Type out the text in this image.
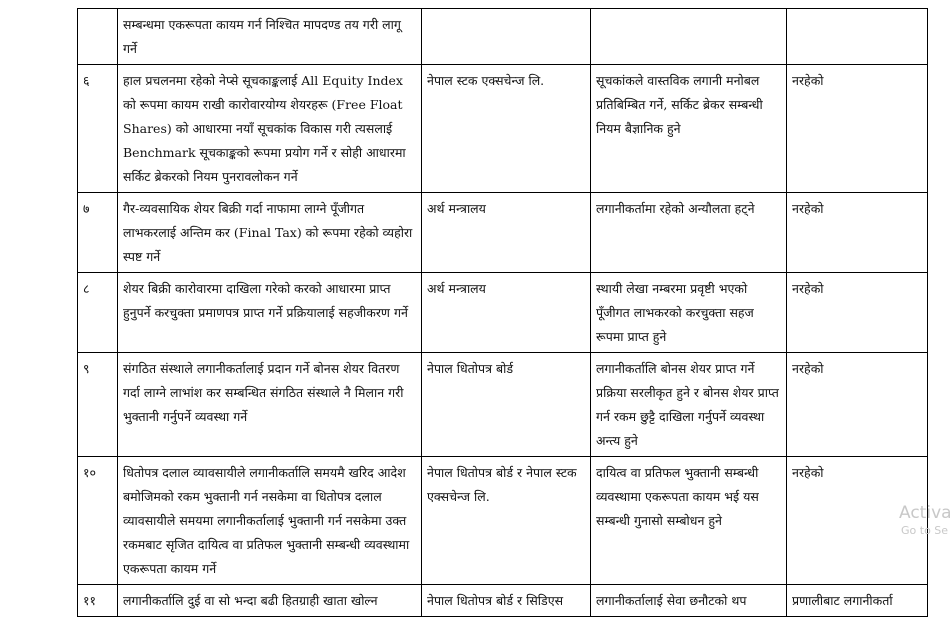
	सम्बन्धमा एकरूपता कायम गर्न निश्चित मापदण्ड तय गरी लागू गर्ने			
६	हाल प्रचलनमा रहेको नेप्से सूचकाङ्कलाई All Equity Index को रूपमा कायम राखी कारोवारयोग्य शेयरहरू (Free Float Shares) को आधारमा नयाँ सूचकांक विकास गरी त्यसलाई Benchmark सूचकाङ्कको रूपमा प्रयोग गर्ने र सोही आधारमा सर्किट ब्रेकरको नियम पुनरावलोकन गर्ने	नेपाल स्टक एक्सचेन्ज लि.	सूचकांकले वास्तविक लगानी मनोबल प्रतिबिम्बित गर्ने, सर्किट ब्रेकर सम्बन्धी नियम बैज्ञानिक हुने	नरहेको
७	गैर-व्यवसायिक शेयर बिक्री गर्दा नाफामा लाग्ने पूँजीगत लाभकरलाई अन्तिम कर (Final Tax) को रूपमा रहेको व्यहोरा स्पष्ट गर्ने	अर्थ मन्त्रालय	लगानीकर्तामा रहेको अन्यौलता हट्ने	नरहेको
८	शेयर बिक्री कारोवारमा दाखिला गरेको करको आधारमा प्राप्त हुनुपर्ने करचुक्ता प्रमाणपत्र प्राप्त गर्ने प्रक्रियालाई सहजीकरण गर्ने	अर्थ मन्त्रालय	स्थायी लेखा नम्बरमा प्रवृष्टी भएको पूँजीगत लाभकरको करचुक्ता सहज रूपमा प्राप्त हुने	नरहेको
९	संगठित संस्थाले लगानीकर्तालाई प्रदान गर्ने बोनस शेयर वितरण गर्दा लाग्ने लाभांश कर सम्बन्धित संगठित संस्थाले नै मिलान गरी भुक्तानी गर्नुपर्ने व्यवस्था गर्ने	नेपाल धितोपत्र बोर्ड	लगानीकर्तालि बोनस शेयर प्राप्त गर्ने प्रक्रिया सरलीकृत हुने र बोनस शेयर प्राप्त गर्न रकम छुट्टै दाखिला गर्नुपर्ने व्यवस्था अन्त्य हुने	नरहेको
१०	धितोपत्र दलाल व्यावसायीले लगानीकर्तालि समयमै खरिद आदेश बमोजिमको रकम भुक्तानी गर्न नसकेमा वा धितोपत्र दलाल व्यावसायीले समयमा लगानीकर्तालाई भुक्तानी गर्न नसकेमा उक्त रकमबाट सृजित दायित्व वा प्रतिफल भुक्तानी सम्बन्धी व्यवस्थामा एकरूपता कायम गर्ने	नेपाल धितोपत्र बोर्ड र नेपाल स्टक एक्सचेन्ज लि.	दायित्व वा प्रतिफल भुक्तानी सम्बन्धी व्यवस्थामा एकरूपता कायम भई यस सम्बन्धी गुनासो सम्बोधन हुने	नरहेको
११	लगानीकर्तालि दुई वा सो भन्दा बढी हितग्राही खाता खोल्न	नेपाल धितोपत्र बोर्ड र सिडिएस	लगानीकर्तालाई सेवा छनौटको थप	प्रणालीबाट लगानीकर्ता
Activa
Go to Se
